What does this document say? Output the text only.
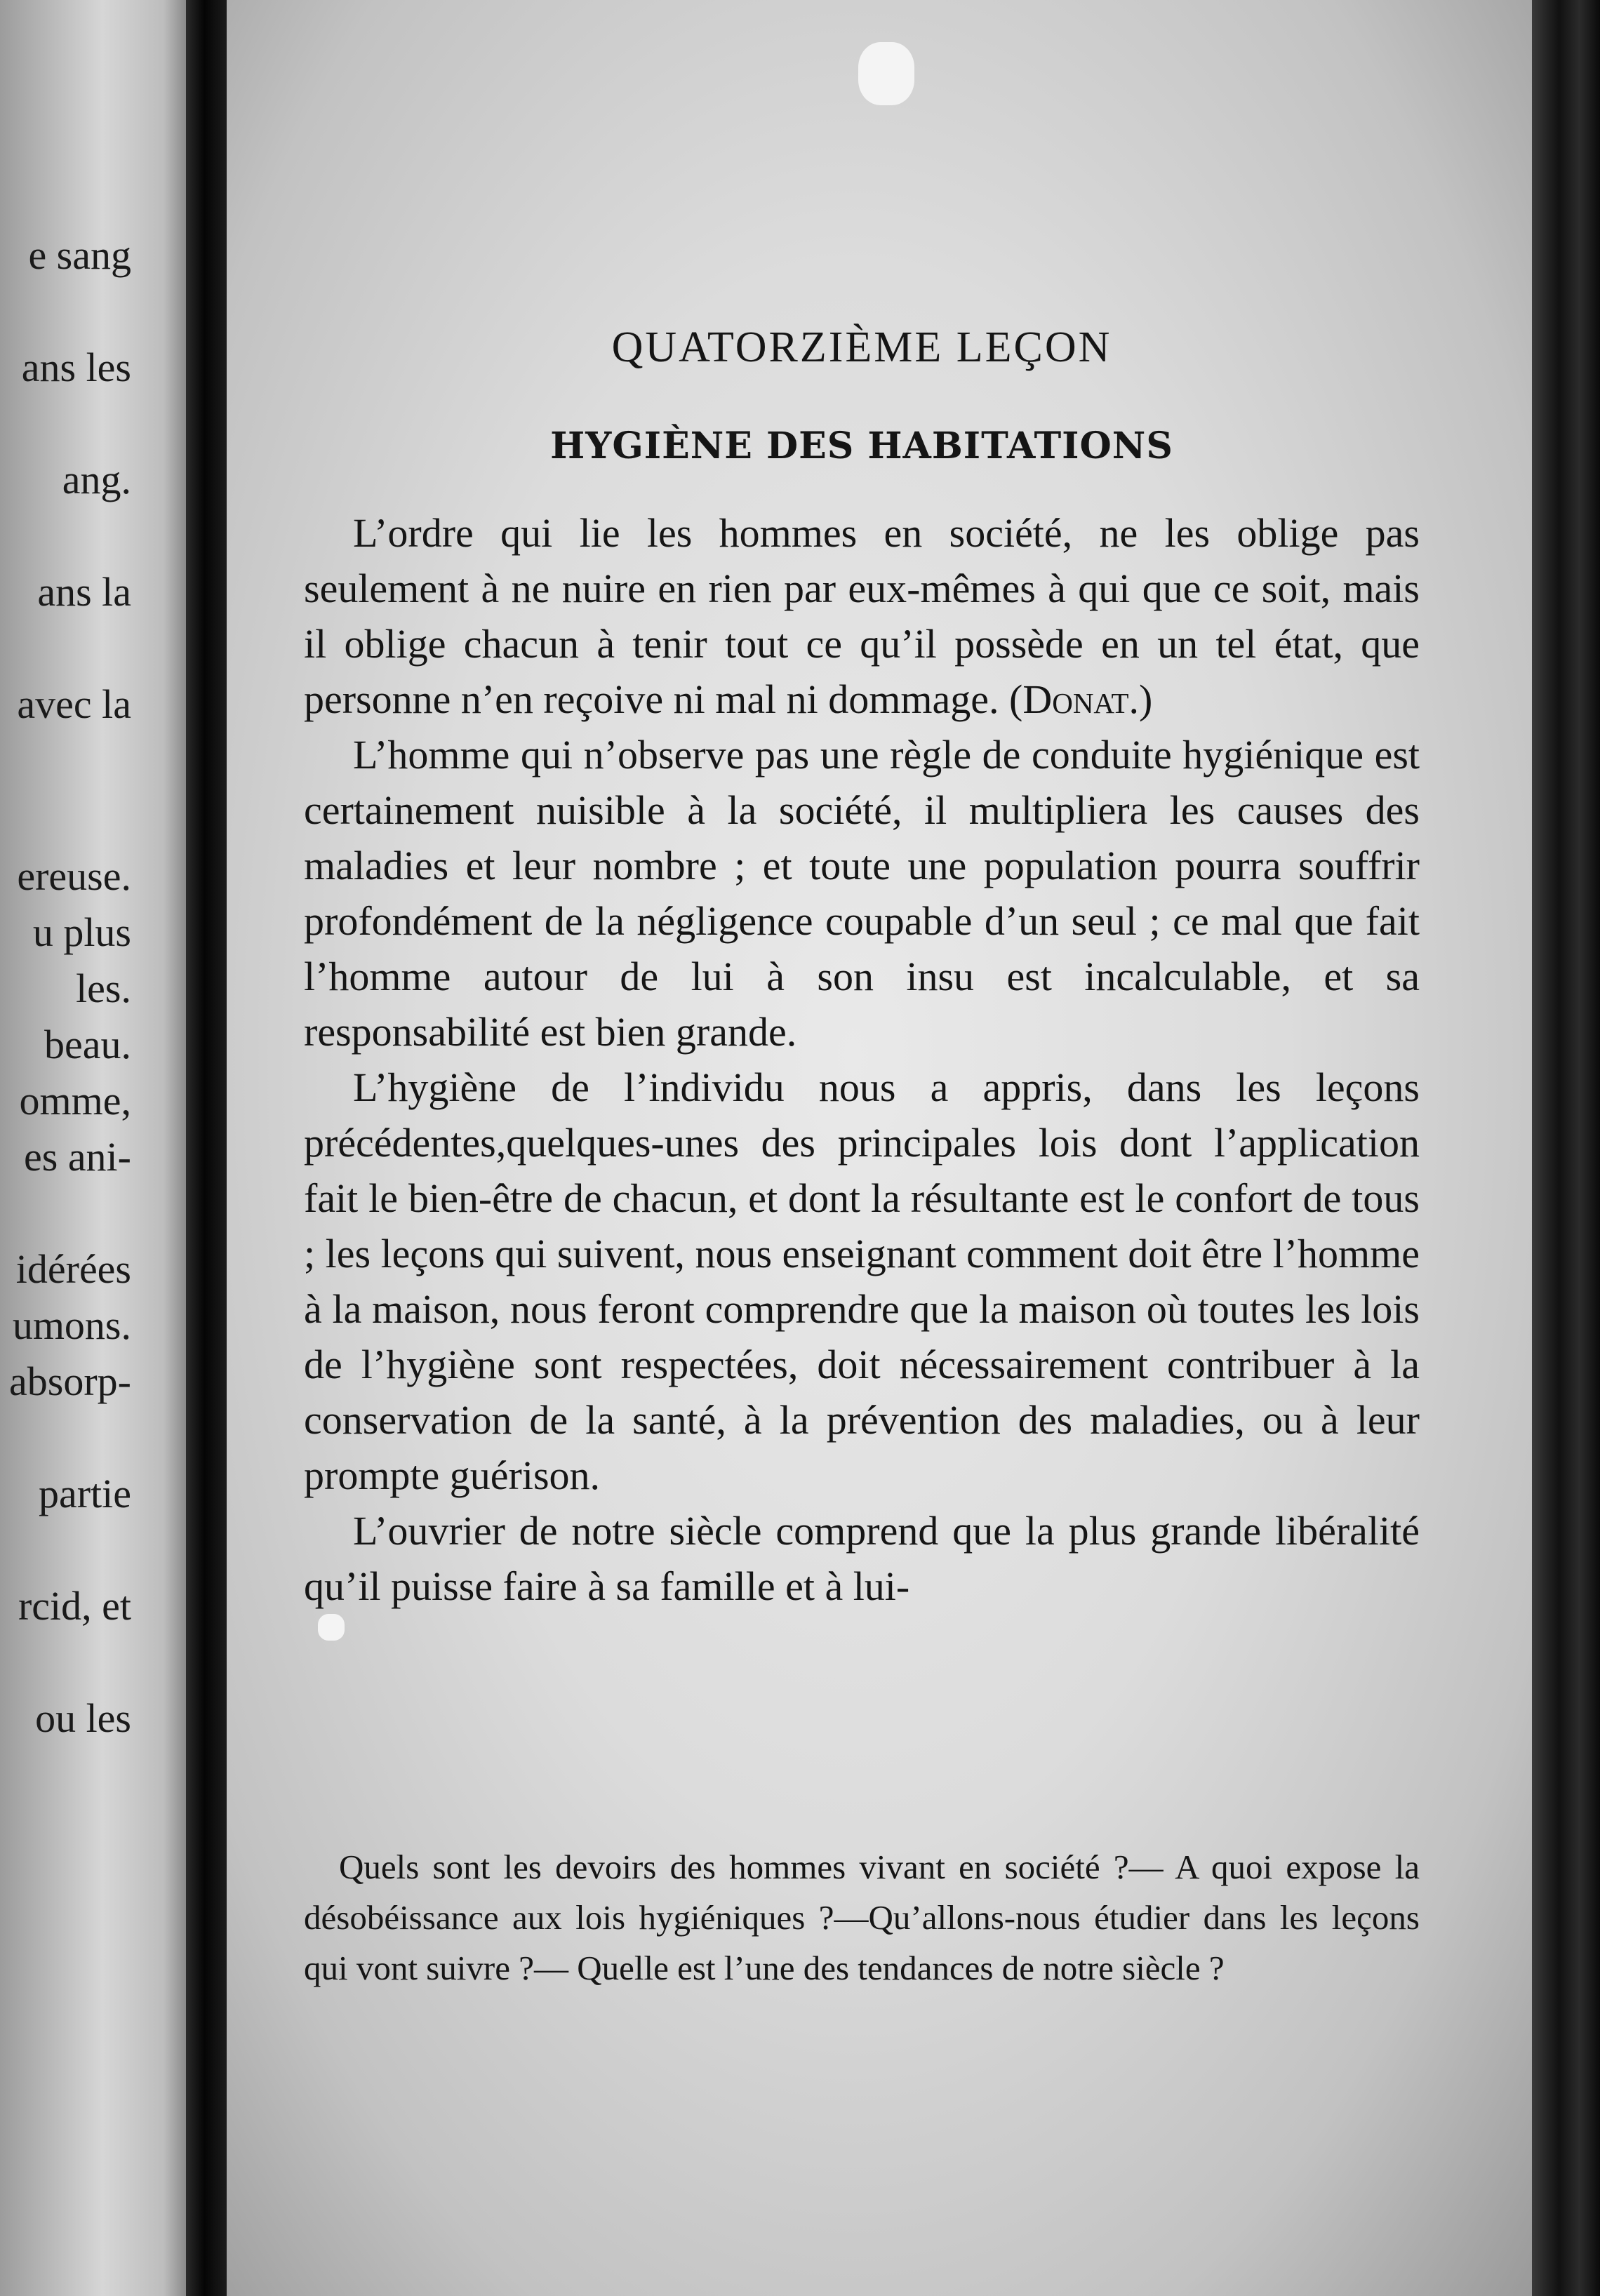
e sang
ans les
ang.
ans la
avec la
ereuse.
u plus
les.
beau.
omme,
es ani-
idérées
umons.
absorp-
partie
rcid, et
ou les
QUATORZIÈME LEÇON
HYGIÈNE DES HABITATIONS

L’ordre qui lie les hommes en société, ne les oblige pas seulement à ne nuire en rien par eux-mêmes à qui que ce soit, mais il oblige chacun à tenir tout ce qu’il possède en un tel état, que personne n’en reçoive ni mal ni dommage. (Donat.)

L’homme qui n’observe pas une règle de conduite hygiénique est certainement nuisible à la société, il multipliera les causes des maladies et leur nombre ; et toute une population pourra souffrir profondément de la négligence coupable d’un seul ; ce mal que fait l’homme autour de lui à son insu est incalculable, et sa responsabilité est bien grande.

L’hygiène de l’individu nous a appris, dans les leçons précédentes,quelques-unes des principales lois dont l’application fait le bien-être de chacun, et dont la résultante est le confort de tous ; les leçons qui suivent, nous enseignant comment doit être l’homme à la maison, nous feront comprendre que la maison où toutes les lois de l’hygiène sont respectées, doit nécessairement contribuer à la conservation de la santé, à la prévention des maladies, ou à leur prompte guérison.

L’ouvrier de notre siècle comprend que la plus grande libéralité qu’il puisse faire à sa famille et à lui-

Quels sont les devoirs des hommes vivant en société ?— A quoi expose la désobéissance aux lois hygiéniques ?—Qu’allons-nous étudier dans les leçons qui vont suivre ?— Quelle est l’une des tendances de notre siècle ?
